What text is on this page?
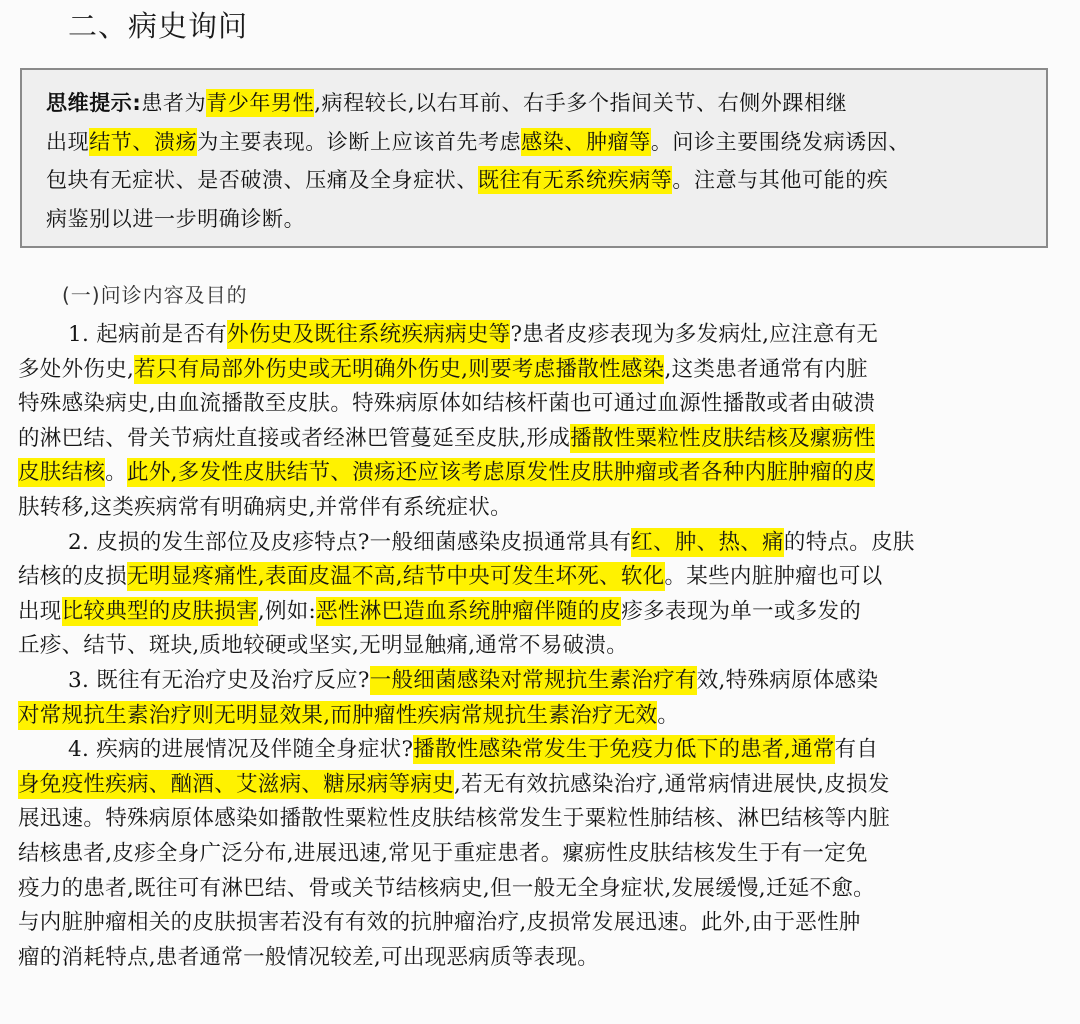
二、病史询问
思维提示:患者为青少年男性,病程较长,以右耳前、右手多个指间关节、右侧外踝相继
出现结节、溃疡为主要表现。诊断上应该首先考虑感染、肿瘤等。问诊主要围绕发病诱因、
包块有无症状、是否破溃、压痛及全身症状、既往有无系统疾病等。注意与其他可能的疾
病鉴别以进一步明确诊断。
(一)问诊内容及目的
1. 起病前是否有外伤史及既往系统疾病病史等?患者皮疹表现为多发病灶,应注意有无
多处外伤史,若只有局部外伤史或无明确外伤史,则要考虑播散性感染,这类患者通常有内脏
特殊感染病史,由血流播散至皮肤。特殊病原体如结核杆菌也可通过血源性播散或者由破溃
的淋巴结、骨关节病灶直接或者经淋巴管蔓延至皮肤,形成播散性粟粒性皮肤结核及瘰疬性
皮肤结核。此外,多发性皮肤结节、溃疡还应该考虑原发性皮肤肿瘤或者各种内脏肿瘤的皮
肤转移,这类疾病常有明确病史,并常伴有系统症状。
2. 皮损的发生部位及皮疹特点?一般细菌感染皮损通常具有红、肿、热、痛的特点。皮肤
结核的皮损无明显疼痛性,表面皮温不高,结节中央可发生坏死、软化。某些内脏肿瘤也可以
出现比较典型的皮肤损害,例如:恶性淋巴造血系统肿瘤伴随的皮疹多表现为单一或多发的
丘疹、结节、斑块,质地较硬或坚实,无明显触痛,通常不易破溃。
3. 既往有无治疗史及治疗反应?一般细菌感染对常规抗生素治疗有效,特殊病原体感染
对常规抗生素治疗则无明显效果,而肿瘤性疾病常规抗生素治疗无效。
4. 疾病的进展情况及伴随全身症状?播散性感染常发生于免疫力低下的患者,通常有自
身免疫性疾病、酗酒、艾滋病、糖尿病等病史,若无有效抗感染治疗,通常病情进展快,皮损发
展迅速。特殊病原体感染如播散性粟粒性皮肤结核常发生于粟粒性肺结核、淋巴结核等内脏
结核患者,皮疹全身广泛分布,进展迅速,常见于重症患者。瘰疬性皮肤结核发生于有一定免
疫力的患者,既往可有淋巴结、骨或关节结核病史,但一般无全身症状,发展缓慢,迁延不愈。
与内脏肿瘤相关的皮肤损害若没有有效的抗肿瘤治疗,皮损常发展迅速。此外,由于恶性肿
瘤的消耗特点,患者通常一般情况较差,可出现恶病质等表现。
